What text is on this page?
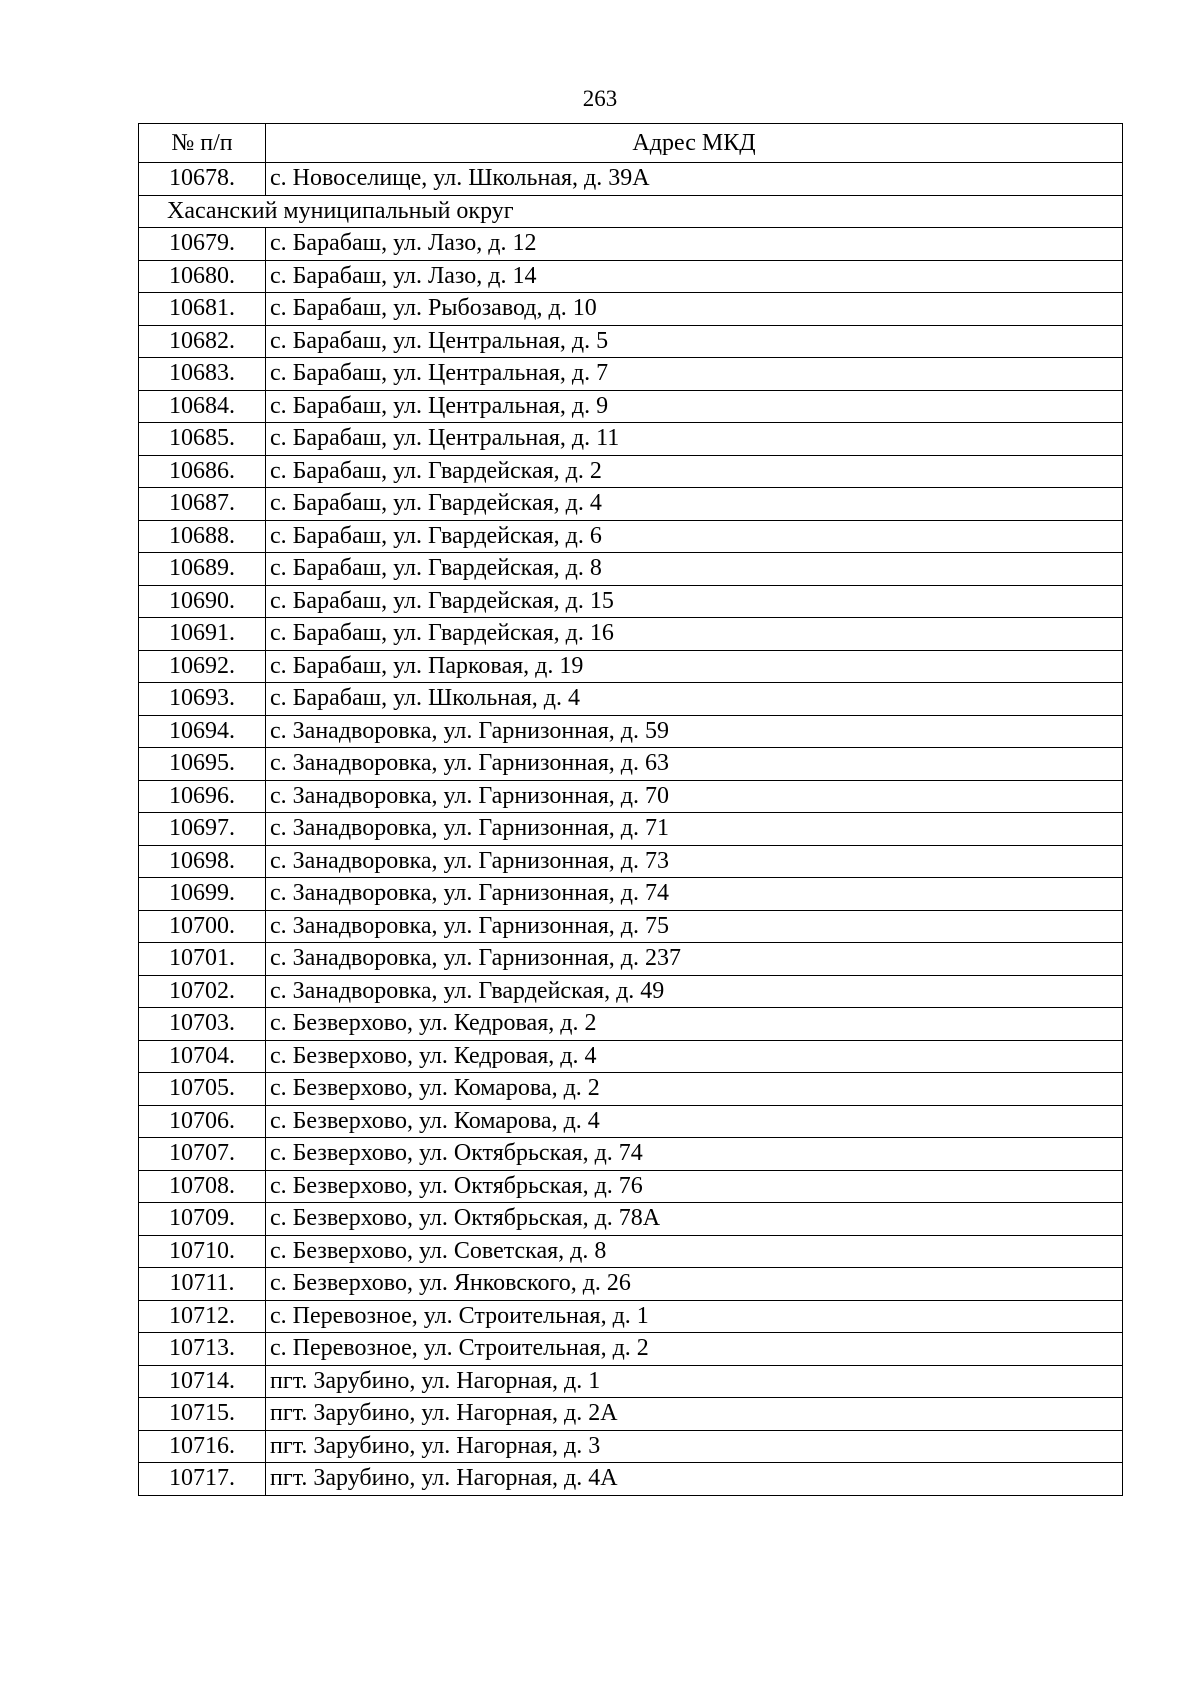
263
№ п/п	Адрес МКД
10678.	с. Новоселище, ул. Школьная, д. 39А
Хасанский муниципальный округ	
10679.	с. Барабаш, ул. Лазо, д. 12
10680.	с. Барабаш, ул. Лазо, д. 14
10681.	с. Барабаш, ул. Рыбозавод, д. 10
10682.	с. Барабаш, ул. Центральная, д. 5
10683.	с. Барабаш, ул. Центральная, д. 7
10684.	с. Барабаш, ул. Центральная, д. 9
10685.	с. Барабаш, ул. Центральная, д. 11
10686.	с. Барабаш, ул. Гвардейская, д. 2
10687.	с. Барабаш, ул. Гвардейская, д. 4
10688.	с. Барабаш, ул. Гвардейская, д. 6
10689.	с. Барабаш, ул. Гвардейская, д. 8
10690.	с. Барабаш, ул. Гвардейская, д. 15
10691.	с. Барабаш, ул. Гвардейская, д. 16
10692.	с. Барабаш, ул. Парковая, д. 19
10693.	с. Барабаш, ул. Школьная, д. 4
10694.	с. Занадворовка, ул. Гарнизонная, д. 59
10695.	с. Занадворовка, ул. Гарнизонная, д. 63
10696.	с. Занадворовка, ул. Гарнизонная, д. 70
10697.	с. Занадворовка, ул. Гарнизонная, д. 71
10698.	с. Занадворовка, ул. Гарнизонная, д. 73
10699.	с. Занадворовка, ул. Гарнизонная, д. 74
10700.	с. Занадворовка, ул. Гарнизонная, д. 75
10701.	с. Занадворовка, ул. Гарнизонная, д. 237
10702.	с. Занадворовка, ул. Гвардейская, д. 49
10703.	с. Безверхово, ул. Кедровая, д. 2
10704.	с. Безверхово, ул. Кедровая, д. 4
10705.	с. Безверхово, ул. Комарова, д. 2
10706.	с. Безверхово, ул. Комарова, д. 4
10707.	с. Безверхово, ул. Октябрьская, д. 74
10708.	с. Безверхово, ул. Октябрьская, д. 76
10709.	с. Безверхово, ул. Октябрьская, д. 78А
10710.	с. Безверхово, ул. Советская, д. 8
10711.	с. Безверхово, ул. Янковского, д. 26
10712.	с. Перевозное, ул. Строительная, д. 1
10713.	с. Перевозное, ул. Строительная, д. 2
10714.	пгт. Зарубино, ул. Нагорная, д. 1
10715.	пгт. Зарубино, ул. Нагорная, д. 2А
10716.	пгт. Зарубино, ул. Нагорная, д. 3
10717.	пгт. Зарубино, ул. Нагорная, д. 4А
